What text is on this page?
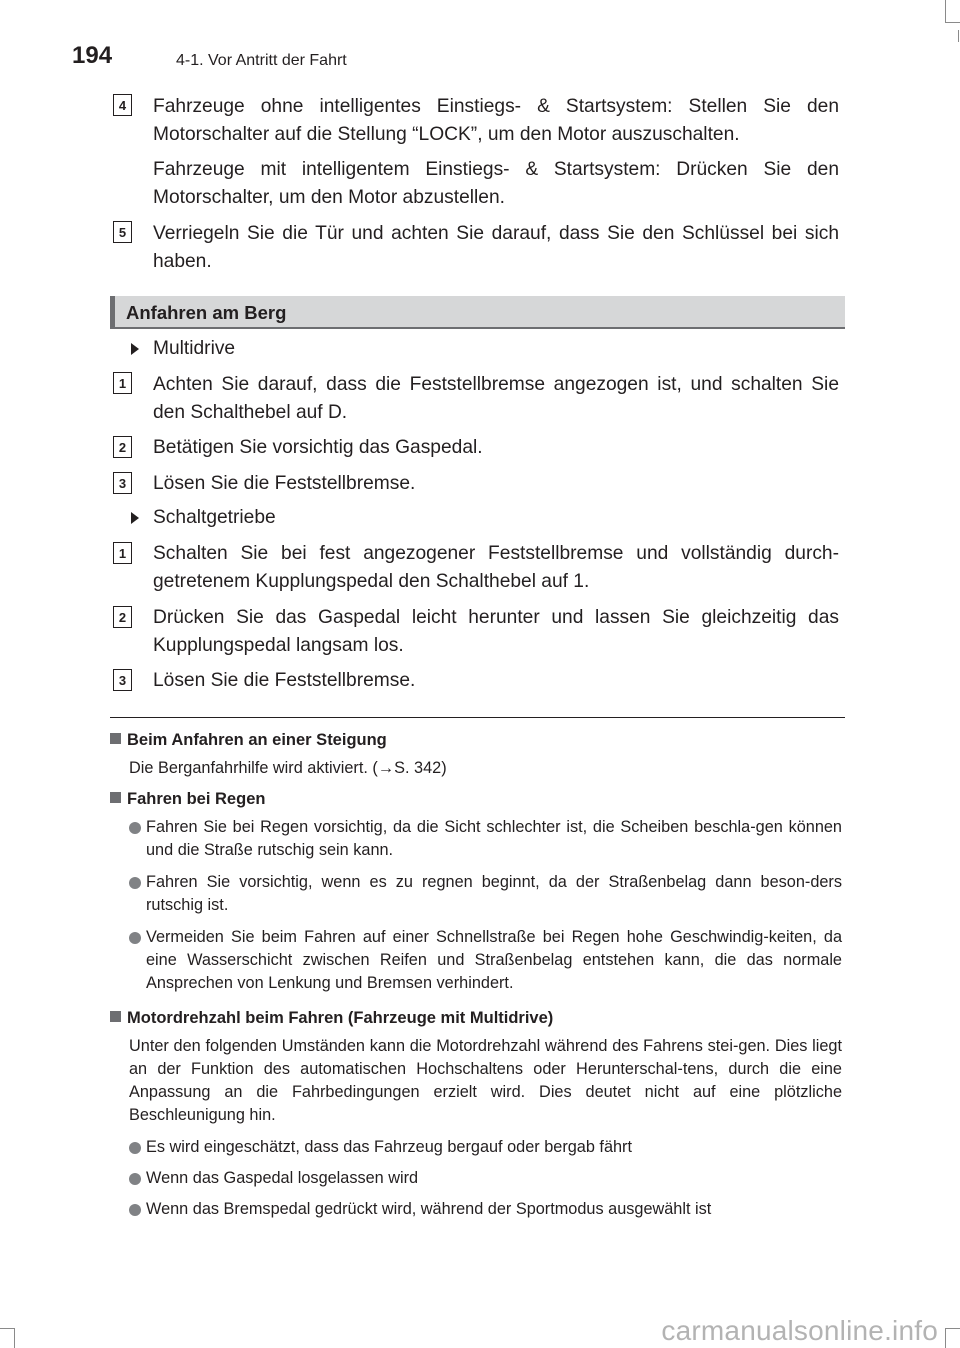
194	4-1. Vor Antritt der Fahrt
4	Fahrzeuge ohne intelligentes Einstiegs- & Startsystem: Stellen Sie den Motorschalter auf die Stellung “LOCK”, um den Motor auszuschalten.
Fahrzeuge mit intelligentem Einstiegs- & Startsystem: Drücken Sie den Motorschalter, um den Motor abzustellen.
5	Verriegeln Sie die Tür und achten Sie darauf, dass Sie den Schlüssel bei sich haben.
Anfahren am Berg
Multidrive
1	Achten Sie darauf, dass die Feststellbremse angezogen ist, und schalten Sie den Schalthebel auf D.
2	Betätigen Sie vorsichtig das Gaspedal.
3	Lösen Sie die Feststellbremse.
Schaltgetriebe
1	Schalten Sie bei fest angezogener Feststellbremse und vollständig durch-getretenem Kupplungspedal den Schalthebel auf 1.
2	Drücken Sie das Gaspedal leicht herunter und lassen Sie gleichzeitig das Kupplungspedal langsam los.
3	Lösen Sie die Feststellbremse.
Beim Anfahren an einer Steigung
Die Berganfahrhilfe wird aktiviert. (→S. 342)
Fahren bei Regen
Fahren Sie bei Regen vorsichtig, da die Sicht schlechter ist, die Scheiben beschla-gen können und die Straße rutschig sein kann.
Fahren Sie vorsichtig, wenn es zu regnen beginnt, da der Straßenbelag dann beson-ders rutschig ist.
Vermeiden Sie beim Fahren auf einer Schnellstraße bei Regen hohe Geschwindig-keiten, da eine Wasserschicht zwischen Reifen und Straßenbelag entstehen kann, die das normale Ansprechen von Lenkung und Bremsen verhindert.
Motordrehzahl beim Fahren (Fahrzeuge mit Multidrive)
Unter den folgenden Umständen kann die Motordrehzahl während des Fahrens stei-gen. Dies liegt an der Funktion des automatischen Hochschaltens oder Herunterschal-tens, durch die eine Anpassung an die Fahrbedingungen erzielt wird. Dies deutet nicht auf eine plötzliche Beschleunigung hin.
Es wird eingeschätzt, dass das Fahrzeug bergauf oder bergab fährt
Wenn das Gaspedal losgelassen wird
Wenn das Bremspedal gedrückt wird, während der Sportmodus ausgewählt ist
carmanualsonline.info
